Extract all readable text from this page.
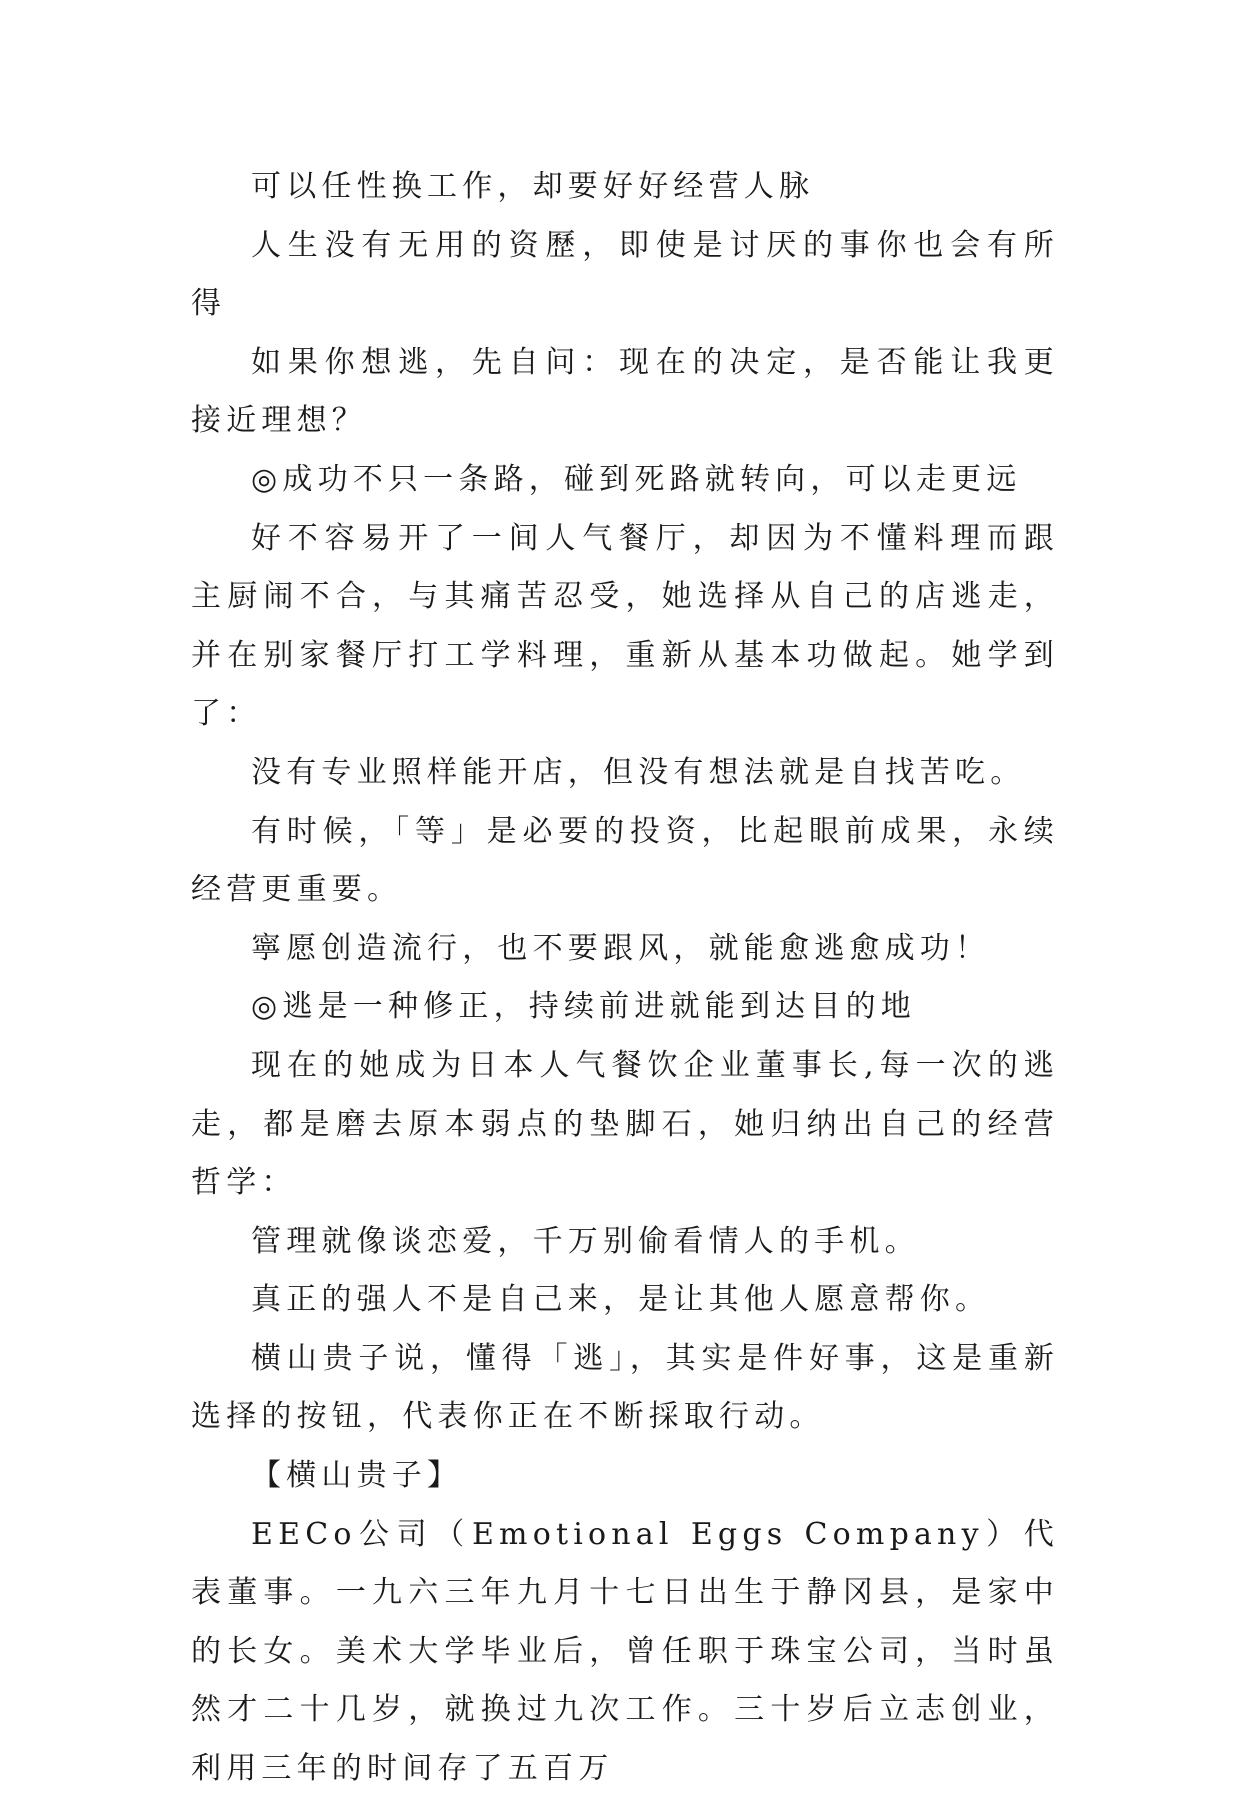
可以任性换工作，却要好好经营人脉

人生没有无用的资歷，即使是讨厌的事你也会有所得

如果你想逃，先自问：现在的决定，是否能让我更接近理想？

◎成功不只一条路，碰到死路就转向，可以走更远

好不容易开了一间人气餐厅，却因为不懂料理而跟主厨闹不合，与其痛苦忍受，她选择从自己的店逃走，并在别家餐厅打工学料理，重新从基本功做起。她学到了：

没有专业照样能开店，但没有想法就是自找苦吃。

有时候，「等」是必要的投资，比起眼前成果，永续经营更重要。

寧愿创造流行，也不要跟风，就能愈逃愈成功！

◎逃是一种修正，持续前进就能到达目的地

现在的她成为日本人气餐饮企业董事长,每一次的逃走，都是磨去原本弱点的垫脚石，她归纳出自己的经营哲学：

管理就像谈恋爱，千万别偷看情人的手机。

真正的强人不是自己来，是让其他人愿意帮你。

横山贵子说，懂得「逃」，其实是件好事，这是重新选择的按钮，代表你正在不断採取行动。

【横山贵子】

EECo公司（Emotional Eggs Company）代表董事。一九六三年九月十七日出生于静冈县，是家中的长女。美术大学毕业后，曾任职于珠宝公司，当时虽然才二十几岁，就换过九次工作。三十岁后立志创业，利用三年的时间存了五百万
